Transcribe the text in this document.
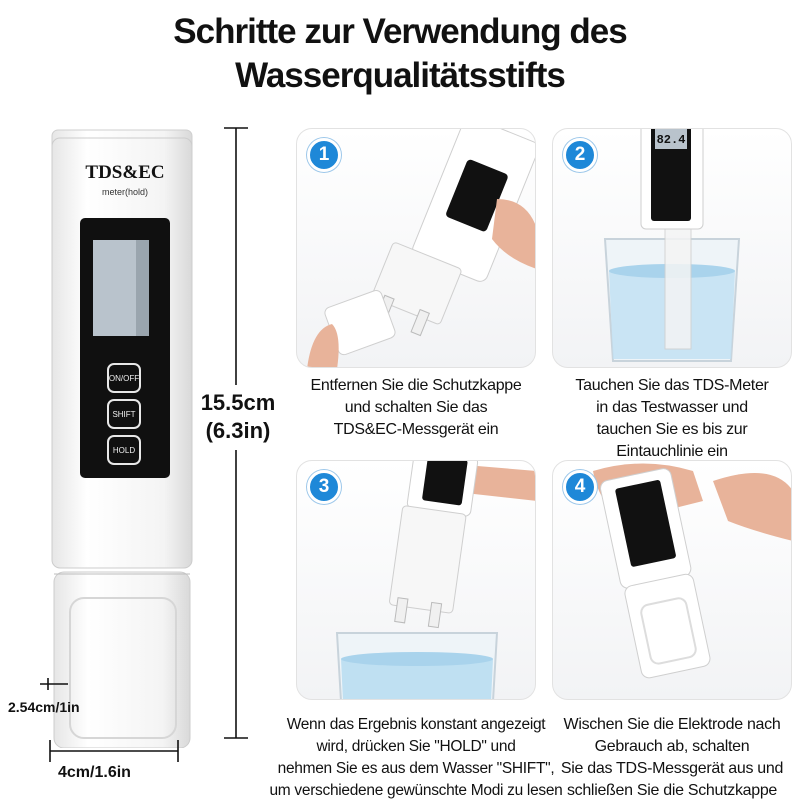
Schritte zur Verwendung des
Wasserqualitätsstifts
TDS&EC
meter(hold)
ON/OFF
SHIFT
HOLD
15.5cm
(6.3in)
2.54cm/1in
4cm/1.6in
1
Entfernen Sie die Schutzkappe
und schalten Sie das
TDS&EC-Messgerät ein
82.4
2
Tauchen Sie das TDS-Meter
in das Testwasser und
tauchen Sie es bis zur
Eintauchlinie ein
3
Wenn das Ergebnis konstant angezeigt
wird, drücken Sie "HOLD" und
nehmen Sie es aus dem Wasser "SHIFT",
um verschiedene gewünschte Modi zu lesen
4
Wischen Sie die Elektrode nach
Gebrauch ab, schalten
Sie das TDS-Messgerät aus und
schließen Sie die Schutzkappe
